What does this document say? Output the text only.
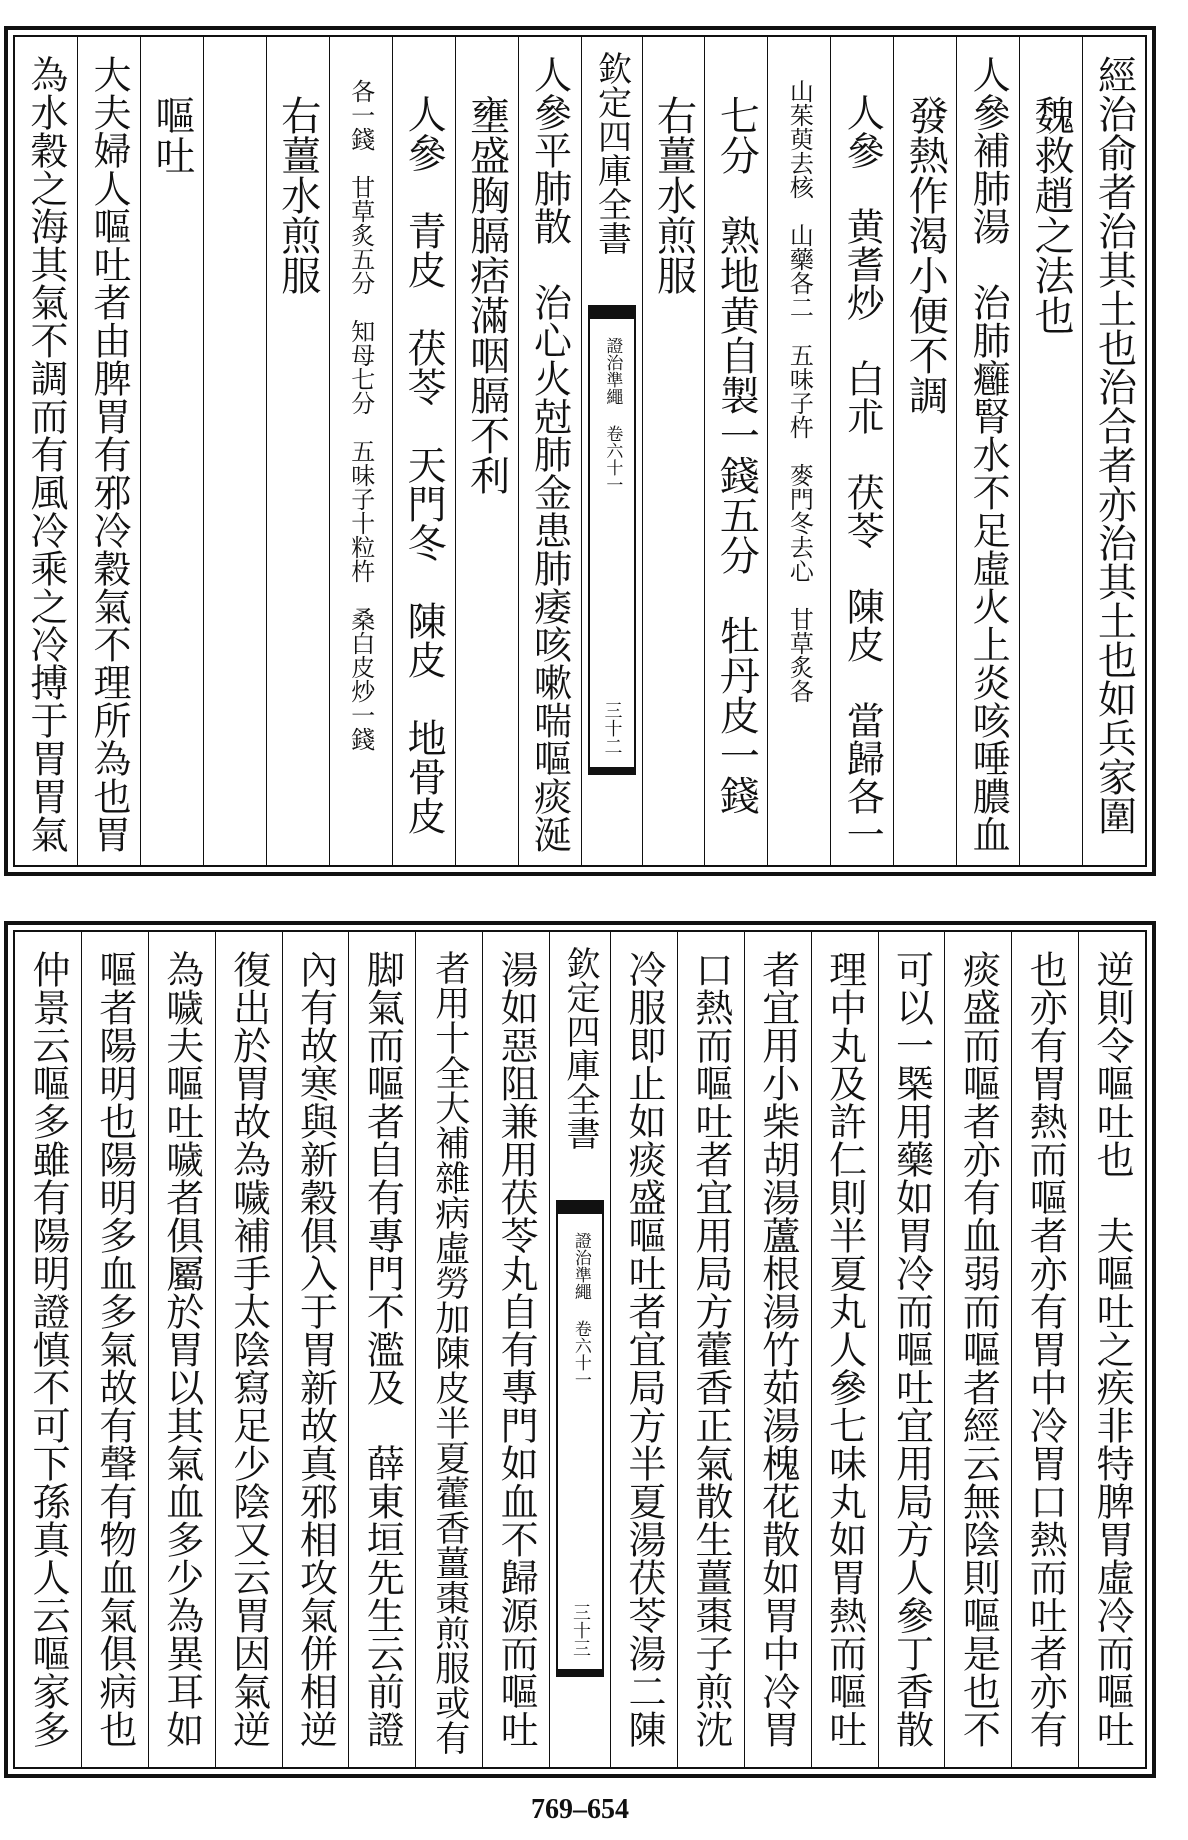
經治俞者治其土也治合者亦治其土也如兵家圍
　魏救趙之法也
人參補肺湯　治肺癰腎水不足虛火上炎咳唾膿血
　發熱作渴小便不調
　人參　黄耆炒　白朮　茯苓　陳皮　當歸各一
　山茱萸去核　山藥各二　五味子杵　麥門冬去心　甘草炙各
　七分　熟地黄自製一錢五分　牡丹皮一錢
　右薑水煎服
欽定四庫全書
證治準繩 卷六十一
三十二
人參平肺散　治心火尅肺金患肺痿咳嗽喘嘔痰涎
　壅盛胸膈痞滿咽膈不利
　人參　青皮　茯苓　天門冬　陳皮　地骨皮
　各一錢　甘草炙五分　知母七分　五味子十粒杵　桑白皮炒一錢
　右薑水煎服
　嘔吐
大夫婦人嘔吐者由脾胃有邪冷穀氣不理所為也胃
為水穀之海其氣不調而有風冷乘之冷搏于胃胃氣
逆則令嘔吐也　夫嘔吐之疾非特脾胃虛冷而嘔吐
也亦有胃熱而嘔者亦有胃中冷胃口熱而吐者亦有
痰盛而嘔者亦有血弱而嘔者經云無陰則嘔是也不
可以一槩用藥如胃冷而嘔吐宜用局方人參丁香散
理中丸及許仁則半夏丸人參七味丸如胃熱而嘔吐
者宜用小柴胡湯蘆根湯竹茹湯槐花散如胃中冷胃
口熱而嘔吐者宜用局方藿香正氣散生薑棗子煎沈
冷服即止如痰盛嘔吐者宜局方半夏湯茯苓湯二陳
欽定四庫全書
證治準繩 卷六十一
三十三
湯如惡阻兼用茯苓丸自有專門如血不歸源而嘔吐
者用十全大補雜病虛勞加陳皮半夏藿香薑棗煎服或有
脚氣而嘔者自有專門不濫及　薛東垣先生云前證
內有故寒與新穀俱入于胃新故真邪相攻氣併相逆
復出於胃故為噦補手太陰寫足少陰又云胃因氣逆
為噦夫嘔吐噦者俱屬於胃以其氣血多少為異耳如
嘔者陽明也陽明多血多氣故有聲有物血氣俱病也
仲景云嘔多雖有陽明證慎不可下孫真人云嘔家多
769–654
